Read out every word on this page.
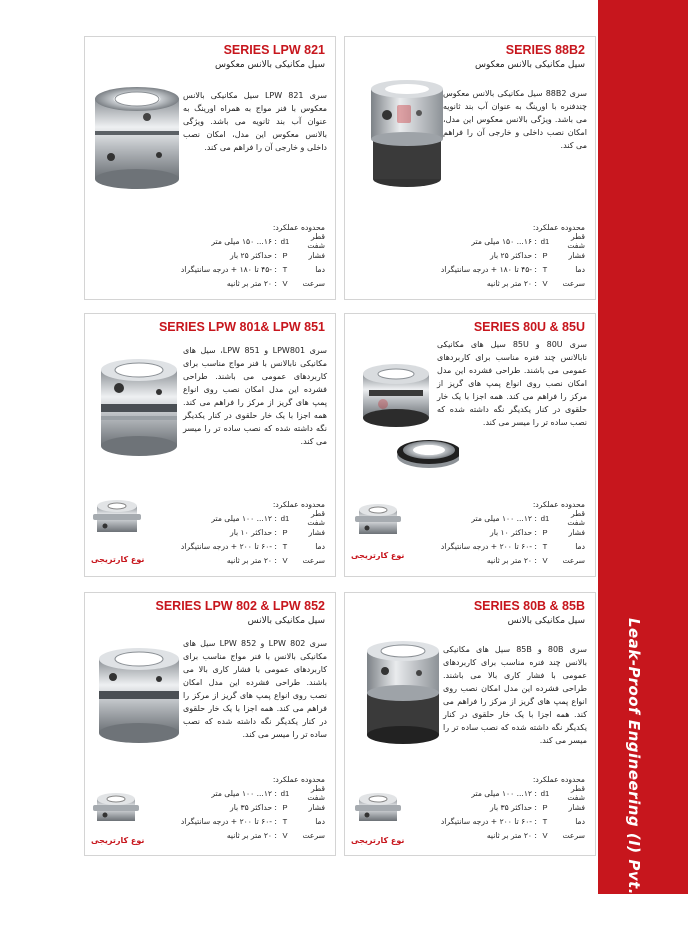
Leak-Proof Engineering (I) Pvt. Ltd.
SERIES 88B2
سیل مکانیکی بالانس معکوس
سری 88B2 سیل مکانیکی بالانس معکوس چندفنره با اورینگ به عنوان آب بند ثانویه می باشد. ویژگی بالانس معکوس این مدل، امکان نصب داخلی و خارجی آن را فراهم می کند.
محدوده عملکرد:
قطر شفت
d1
: ۱۶... ۱۵۰ میلی متر
فشار
P
: حداکثر ۲۵ بار
دما
T
: -۴۵ تا ۱۸۰ + درجه سانتیگراد
سرعت
V
: ۲۰ متر بر ثانیه
SERIES LPW 821
سیل مکانیکی بالانس معکوس
سری LPW 821 سیل مکانیکی بالانس معکوس با فنر مواج به همراه اورینگ به عنوان آب بند ثانویه می باشد. ویژگی بالانس معکوس این مدل، امکان نصب داخلی و خارجی آن را فراهم می کند.
محدوده عملکرد:
قطر شفت
d1
: ۱۶... ۱۵۰ میلی متر
فشار
P
: حداکثر ۲۵ بار
دما
T
: -۴۵ تا ۱۸۰ + درجه سانتیگراد
سرعت
V
: ۲۰ متر بر ثانیه
SERIES 80U & 85U
سری 80U و 85U سیل های مکانیکی نابالانس چند فنره مناسب برای کاربردهای عمومی می باشند. طراحی فشرده این مدل امکان نصب روی انواع پمپ های گریز از مرکز را فراهم می کند. همه اجزا با یک خار حلقوی در کنار یکدیگر نگه داشته شده که نصب ساده تر را میسر می کند.
نوع کارتریجی
محدوده عملکرد:
قطر شفت
d1
: ۱۲... ۱۰۰ میلی متر
فشار
P
: حداکثر ۱۰ بار
دما
T
: -۶۰ تا ۲۰۰ + درجه سانتیگراد
سرعت
V
: ۲۰ متر بر ثانیه
SERIES LPW 801& LPW 851
سری LPW801 و LPW 851، سیل های مکانیکی نابالانس با فنر مواج مناسب برای کاربردهای عمومی می باشند. طراحی فشرده این مدل امکان نصب روی انواع پمپ های گریز از مرکز را فراهم می کند. همه اجزا با یک خار حلقوی در کنار یکدیگر نگه داشته شده که نصب ساده تر را میسر می کند.
نوع کارتریجی
محدوده عملکرد:
قطر شفت
d1
: ۱۲... ۱۰۰ میلی متر
فشار
P
: حداکثر ۱۰ بار
دما
T
: -۶۰ تا ۲۰۰ + درجه سانتیگراد
سرعت
V
: ۲۰ متر بر ثانیه
SERIES 80B & 85B
سیل مکانیکی بالانس
سری 80B و 85B سیل های مکانیکی بالانس چند فنره مناسب برای کاربردهای عمومی با فشار کاری بالا می باشند. طراحی فشرده این مدل امکان نصب روی انواع پمپ های گریز از مرکز را فراهم می کند. همه اجزا با یک خار حلقوی در کنار یکدیگر نگه داشته شده که نصب ساده تر را میسر می کند.
نوع کارتریجی
محدوده عملکرد:
قطر شفت
d1
: ۱۲... ۱۰۰ میلی متر
فشار
P
: حداکثر ۳۵ بار
دما
T
: -۶۰ تا ۲۰۰ + درجه سانتیگراد
سرعت
V
: ۲۰ متر بر ثانیه
SERIES LPW 802 & LPW 852
سیل مکانیکی بالانس
سری LPW 802 و LPW 852 سیل های مکانیکی بالانس با فنر مواج مناسب برای کاربردهای عمومی با فشار کاری بالا می باشند. طراحی فشرده این مدل امکان نصب روی انواع پمپ های گریز از مرکز را فراهم می کند. همه اجزا با یک خار حلقوی در کنار یکدیگر نگه داشته شده که نصب ساده تر را میسر می کند.
نوع کارتریجی
محدوده عملکرد:
قطر شفت
d1
: ۱۲... ۱۰۰ میلی متر
فشار
P
: حداکثر ۳۵ بار
دما
T
: -۶۰ تا ۲۰۰ + درجه سانتیگراد
سرعت
V
: ۲۰ متر بر ثانیه
